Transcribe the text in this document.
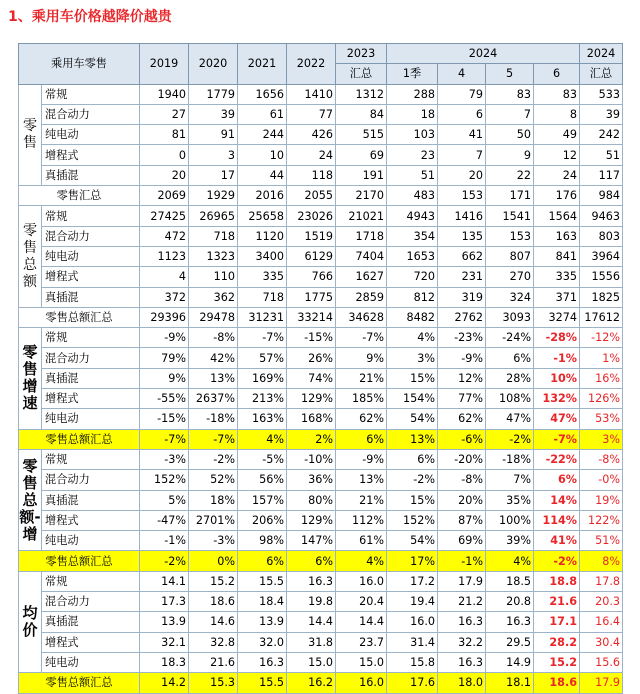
1、乘用车价格越降价越贵
乘用车零售		2019	2020	2021	2022	2023	2024				2024
						汇总	1季	4	5	6	汇总
零
售	常规	1940	1779	1656	1410	1312	288	79	83	83	533
	混合动力	27	39	61	77	84	18	6	7	8	39
	纯电动	81	91	244	426	515	103	41	50	49	242
	增程式	0	3	10	24	69	23	7	9	12	51
	真插混	20	17	44	118	191	51	20	22	24	117
零售汇总		2069	1929	2016	2055	2170	483	153	171	176	984
零
售
总
额	常规	27425	26965	25658	23026	21021	4943	1416	1541	1564	9463
	混合动力	472	718	1120	1519	1718	354	135	153	163	803
	纯电动	1123	1323	3400	6129	7404	1653	662	807	841	3964
	增程式	4	110	335	766	1627	720	231	270	335	1556
	真插混	372	362	718	1775	2859	812	319	324	371	1825
零售总额汇总		29396	29478	31231	33214	34628	8482	2762	3093	3274	17612
零
售
增
速	常规	-9%	-8%	-7%	-15%	-7%	4%	-23%	-24%	-28%	-12%
	混合动力	79%	42%	57%	26%	9%	3%	-9%	6%	-1%	1%
	真插混	9%	13%	169%	74%	21%	15%	12%	28%	10%	16%
	增程式	-55%	2637%	213%	129%	185%	154%	77%	108%	132%	126%
	纯电动	-15%	-18%	163%	168%	62%	54%	62%	47%	47%	53%
零售总额汇总		-7%	-7%	4%	2%	6%	13%	-6%	-2%	-7%	3%
零
售
总
额-
增	常规	-3%	-2%	-5%	-10%	-9%	6%	-20%	-18%	-22%	-8%
	混合动力	152%	52%	56%	36%	13%	-2%	-8%	7%	6%	-0%
	真插混	5%	18%	157%	80%	21%	15%	20%	35%	14%	19%
	增程式	-47%	2701%	206%	129%	112%	152%	87%	100%	114%	122%
	纯电动	-1%	-3%	98%	147%	61%	54%	69%	39%	41%	51%
零售总额汇总		-2%	0%	6%	6%	4%	17%	-1%	4%	-2%	8%
均
价	常规	14.1	15.2	15.5	16.3	16.0	17.2	17.9	18.5	18.8	17.8
	混合动力	17.3	18.6	18.4	19.8	20.4	19.4	21.2	20.8	21.6	20.3
	真插混	13.9	14.6	13.9	14.4	14.4	16.0	16.3	16.3	17.1	16.4
	增程式	32.1	32.8	32.0	31.8	23.7	31.4	32.2	29.5	28.2	30.4
	纯电动	18.3	21.6	16.3	15.0	15.0	15.8	16.3	14.9	15.2	15.6
零售总额汇总		14.2	15.3	15.5	16.2	16.0	17.6	18.0	18.1	18.6	17.9
